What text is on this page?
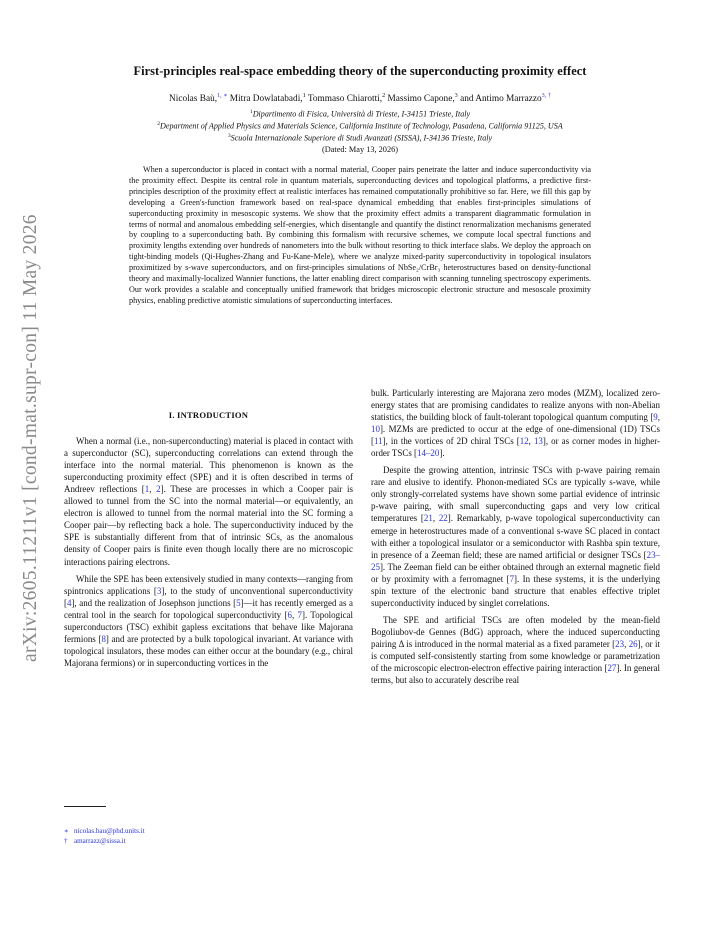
arXiv:2605.11211v1 [cond-mat.supr-con] 11 May 2026
First-principles real-space embedding theory of the superconducting proximity effect
Nicolas Baù,$^{1, ∗}$ Mitra Dowlatabadi,$^1$ Tommaso Chiarotti,$^2$ Massimo Capone,$^3$ and Antimo Marrazzo$^{3, \dagger}$
$^1$Dipartimento di Fisica, Università di Trieste, I-34151 Trieste, Italy
$^2$Department of Applied Physics and Materials Science, California Institute of Technology, Pasadena, California 91125, USA
$^3$Scuola Internazionale Superiore di Studi Avanzati (SISSA), I-34136 Trieste, Italy
(Dated: May 13, 2026)

When a superconductor is placed in contact with a normal material, Cooper pairs penetrate the latter and induce superconductivity via the proximity effect. Despite its central role in quantum materials, superconducting devices and topological platforms, a predictive first-principles description of the proximity effect at realistic interfaces has remained computationally prohibitive so far. Here, we fill this gap by developing a Green's-function framework based on real-space dynamical embedding that enables first-principles simulations of superconducting proximity in mesoscopic systems. We show that the proximity effect admits a transparent diagrammatic formulation in terms of normal and anomalous embedding self-energies, which disentangle and quantify the distinct renormalization mechanisms generated by coupling to a superconducting bath. By combining this formalism with recursive schemes, we compute local spectral functions and proximity lengths extending over hundreds of nanometers into the bulk without resorting to thick interface slabs. We deploy the approach on tight-binding models (Qi-Hughes-Zhang and Fu-Kane-Mele), where we analyze mixed-parity superconductivity in topological insulators proximitized by s-wave superconductors, and on first-principles simulations of NbSe₂/CrBr₃ heterostructures based on density-functional theory and maximally-localized Wannier functions, the latter enabling direct comparison with scanning tunneling spectroscopy experiments. Our work provides a scalable and conceptually unified framework that bridges microscopic electronic structure and mesoscale proximity physics, enabling predictive atomistic simulations of superconducting interfaces.

I. INTRODUCTION

When a normal (i.e., non-superconducting) material is placed in contact with a superconductor (SC), superconducting correlations can extend through the interface into the normal material. This phenomenon is known as the superconducting proximity effect (SPE) and it is often described in terms of Andreev reflections [1, 2]. These are processes in which a Cooper pair is allowed to tunnel from the SC into the normal material—or equivalently, an electron is allowed to tunnel from the normal material into the SC forming a Cooper pair—by reflecting back a hole. The superconductivity induced by the SPE is substantially different from that of intrinsic SCs, as the anomalous density of Cooper pairs is finite even though locally there are no microscopic interactions pairing electrons.

While the SPE has been extensively studied in many contexts—ranging from spintronics applications [3], to the study of unconventional superconductivity [4], and the realization of Josephson junctions [5]—it has recently emerged as a central tool in the search for topological superconductivity [6, 7]. Topological superconductors (TSC) exhibit gapless excitations that behave like Majorana fermions [8] and are protected by a bulk topological invariant. At variance with topological insulators, these modes can either occur at the boundary (e.g., chiral Majorana fermions) or in superconducting vortices in the

bulk. Particularly interesting are Majorana zero modes (MZM), localized zero-energy states that are promising candidates to realize anyons with non-Abelian statistics, the building block of fault-tolerant topological quantum computing [9, 10]. MZMs are predicted to occur at the edge of one-dimensional (1D) TSCs [11], in the vortices of 2D chiral TSCs [12, 13], or as corner modes in higher-order TSCs [14–20].

Despite the growing attention, intrinsic TSCs with p-wave pairing remain rare and elusive to identify. Phonon-mediated SCs are typically s-wave, while only strongly-correlated systems have shown some partial evidence of intrinsic p-wave pairing, with small superconducting gaps and very low critical temperatures [21, 22]. Remarkably, p-wave topological superconductivity can emerge in heterostructures made of a conventional s-wave SC placed in contact with either a topological insulator or a semiconductor with Rashba spin texture, in presence of a Zeeman field; these are named artificial or designer TSCs [23–25]. The Zeeman field can be either obtained through an external magnetic field or by proximity with a ferromagnet [7]. In these systems, it is the underlying spin texture of the electronic band structure that enables effective triplet superconductivity induced by singlet correlations.

The SPE and artificial TSCs are often modeled by the mean-field Bogoliubov-de Gennes (BdG) approach, where the induced superconducting pairing Δ is introduced in the normal material as a fixed parameter [23, 26], or it is computed self-consistently starting from some knowledge or parametrization of the microscopic electron-electron effective pairing interaction [27]. In general terms, but also to accurately describe real

∗ nicolas.bau@phd.units.it
† amarrazz@sissa.it
